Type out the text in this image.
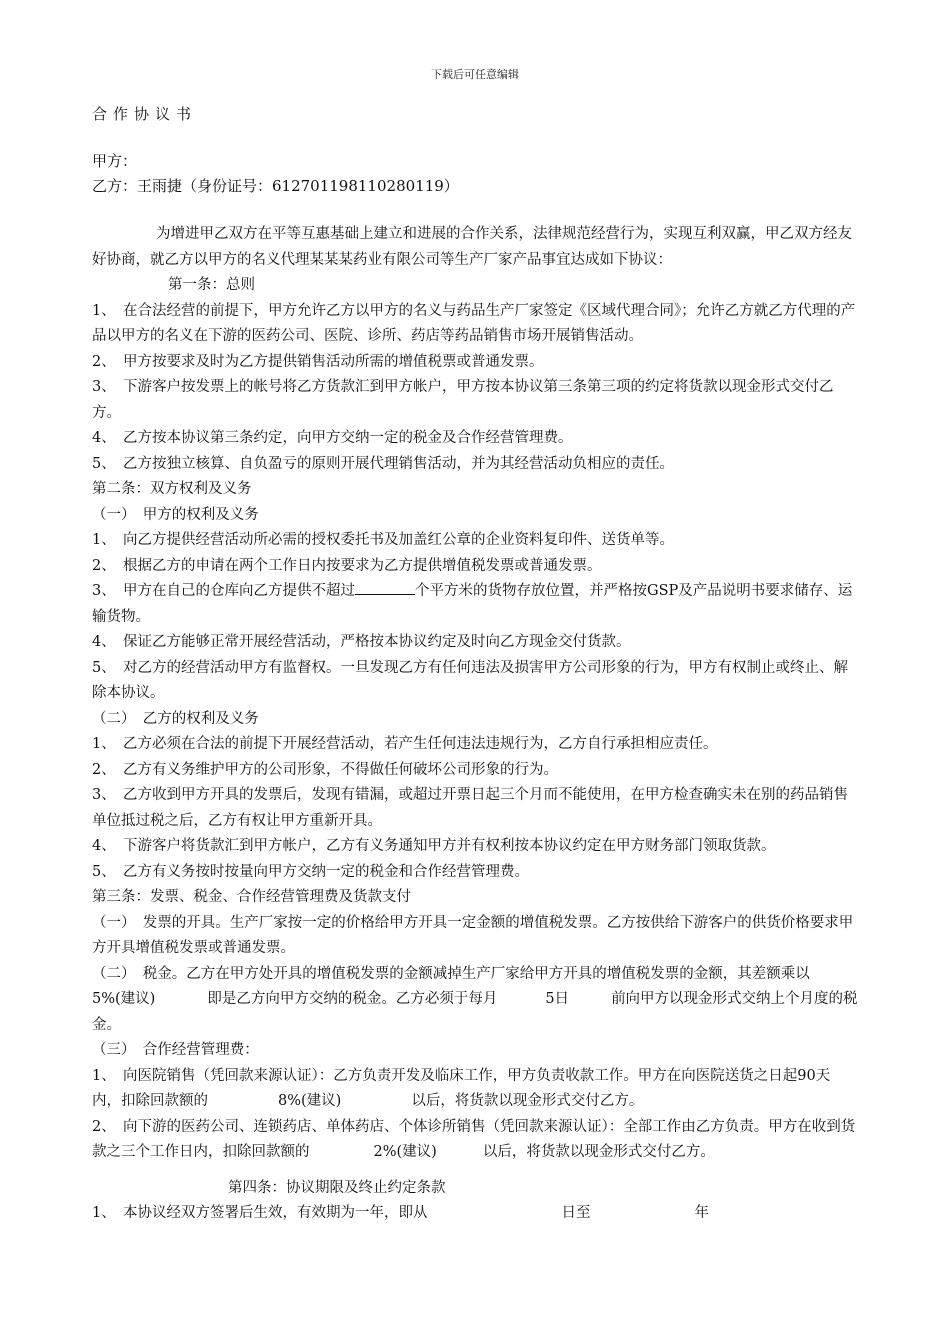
下载后可任意编辑
合作协议书
甲方：
乙方：王雨捷（身份证号：612701198110280119）

为增进甲乙双方在平等互惠基础上建立和进展的合作关系，法律规范经营行为，实现互利双赢，甲乙双方经友好协商，就乙方以甲方的名义代理某某某药业有限公司等生产厂家产品事宜达成如下协议：

第一条：总则

1、　在合法经营的前提下，甲方允许乙方以甲方的名义与药品生产厂家签定《区域代理合同》；允许乙方就乙方代理的产品以甲方的名义在下游的医药公司、医院、诊所、药店等药品销售市场开展销售活动。

2、　甲方按要求及时为乙方提供销售活动所需的增值税票或普通发票。

3、　下游客户按发票上的帐号将乙方货款汇到甲方帐户，甲方按本协议第三条第三项的约定将货款以现金形式交付乙方。

4、　乙方按本协议第三条约定，向甲方交纳一定的税金及合作经营管理费。

5、　乙方按独立核算、自负盈亏的原则开展代理销售活动，并为其经营活动负相应的责任。

第二条：双方权利及义务

（一）　甲方的权利及义务

1、　向乙方提供经营活动所必需的授权委托书及加盖红公章的企业资料复印件、送货单等。

2、　根据乙方的申请在两个工作日内按要求为乙方提供增值税发票或普通发票。

3、　甲方在自己的仓库向乙方提供不超过	个平方米的货物存放位置，并严格按GSP及产品说明书要求储存、运输货物。

4、　保证乙方能够正常开展经营活动，严格按本协议约定及时向乙方现金交付货款。

5、　对乙方的经营活动甲方有监督权。一旦发现乙方有任何违法及损害甲方公司形象的行为，甲方有权制止或终止、解除本协议。

（二）　乙方的权利及义务

1、　乙方必须在合法的前提下开展经营活动，若产生任何违法违规行为，乙方自行承担相应责任。

2、　乙方有义务维护甲方的公司形象，不得做任何破坏公司形象的行为。

3、　乙方收到甲方开具的发票后，发现有错漏，或超过开票日起三个月而不能使用，在甲方检查确实未在别的药品销售单位抵过税之后，乙方有权让甲方重新开具。

4、　下游客户将货款汇到甲方帐户，乙方有义务通知甲方并有权利按本协议约定在甲方财务部门领取货款。

5、　乙方有义务按时按量向甲方交纳一定的税金和合作经营管理费。

第三条：发票、税金、合作经营管理费及货款支付

（一）　发票的开具。生产厂家按一定的价格给甲方开具一定金额的增值税发票。乙方按供给下游客户的供货价格要求甲方开具增值税发票或普通发票。

（二）　税金。乙方在甲方处开具的增值税发票的金额减掉生产厂家给甲方开具的增值税发票的金额，其差额乘以5%(建议)	即是乙方向甲方交纳的税金。乙方必须于每月	5日	前向甲方以现金形式交纳上个月度的税金。

（三）　合作经营管理费：

1、　向医院销售（凭回款来源认证）：乙方负责开发及临床工作，甲方负责收款工作。甲方在向医院送货之日起90天内，扣除回款额的	8%(建议)	以后，将货款以现金形式交付乙方。

2、　向下游的医药公司、连锁药店、单体药店、个体诊所销售（凭回款来源认证）：全部工作由乙方负责。甲方在收到货款之三个工作日内，扣除回款额的	2%(建议)	以后，将货款以现金形式交付乙方。

第四条：协议期限及终止约定条款

1、　本协议经双方签署后生效，有效期为一年，即从	日至	年
